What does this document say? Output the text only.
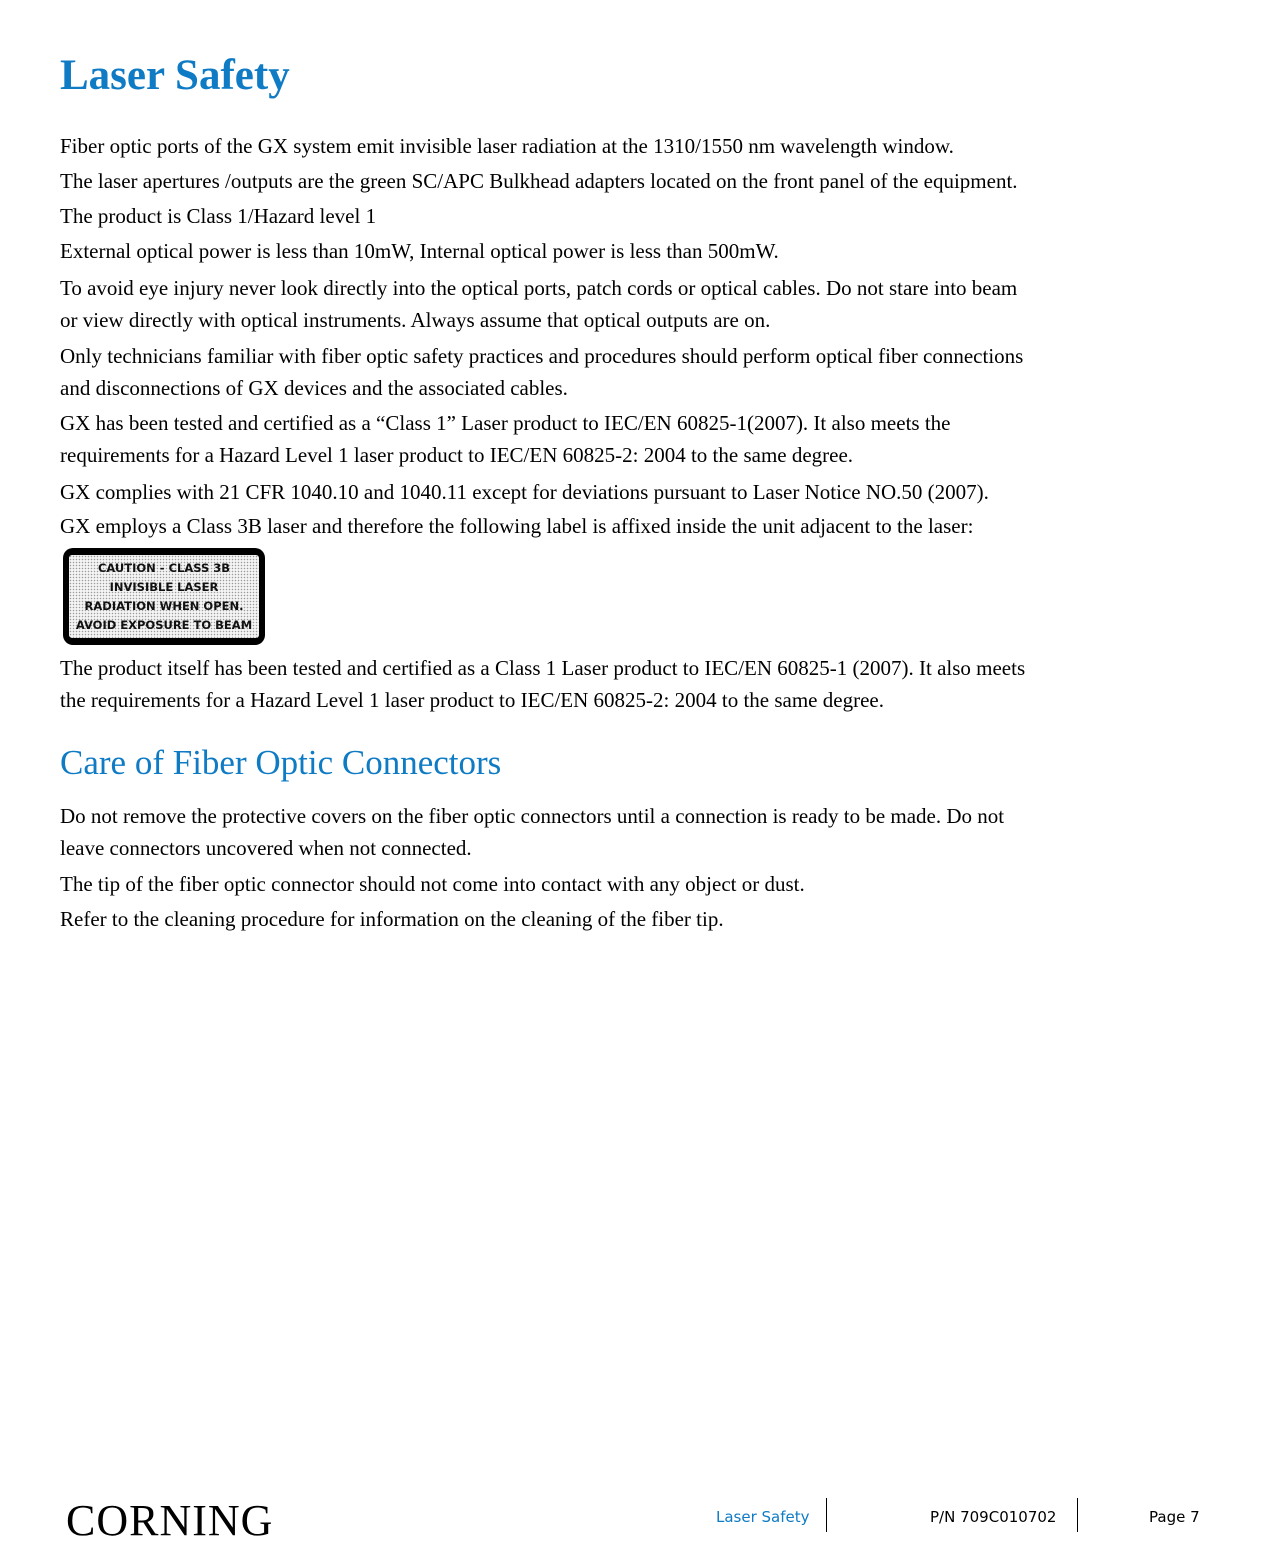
Laser Safety

Fiber optic ports of the GX system emit invisible laser radiation at the 1310/1550 nm wavelength window.

The laser apertures /outputs are the green SC/APC Bulkhead adapters located on the front panel of the equipment.

The product is Class 1/Hazard level 1

External optical power is less than 10mW, Internal optical power is less than 500mW.

To avoid eye injury never look directly into the optical ports, patch cords or optical cables. Do not stare into beam
or view directly with optical instruments. Always assume that optical outputs are on.

Only technicians familiar with fiber optic safety practices and procedures should perform optical fiber connections
and disconnections of GX devices and the associated cables.

GX has been tested and certified as a “Class 1” Laser product to IEC/EN 60825-1(2007). It also meets the
requirements for a Hazard Level 1 laser product to IEC/EN 60825-2: 2004 to the same degree.

GX complies with 21 CFR 1040.10 and 1040.11 except for deviations pursuant to Laser Notice NO.50 (2007).

GX employs a Class 3B laser and therefore the following label is affixed inside the unit adjacent to the laser:

CAUTION - CLASS 3B
INVISIBLE LASER
RADIATION WHEN OPEN.
AVOID EXPOSURE TO BEAM

The product itself has been tested and certified as a Class 1 Laser product to IEC/EN 60825-1 (2007). It also meets
the requirements for a Hazard Level 1 laser product to IEC/EN 60825-2: 2004 to the same degree.

Care of Fiber Optic Connectors

Do not remove the protective covers on the fiber optic connectors until a connection is ready to be made. Do not
leave connectors uncovered when not connected.

The tip of the fiber optic connector should not come into contact with any object or dust.

Refer to the cleaning procedure for information on the cleaning of the fiber tip.

CORNING	Laser Safety	P/N 709C010702	Page 7
